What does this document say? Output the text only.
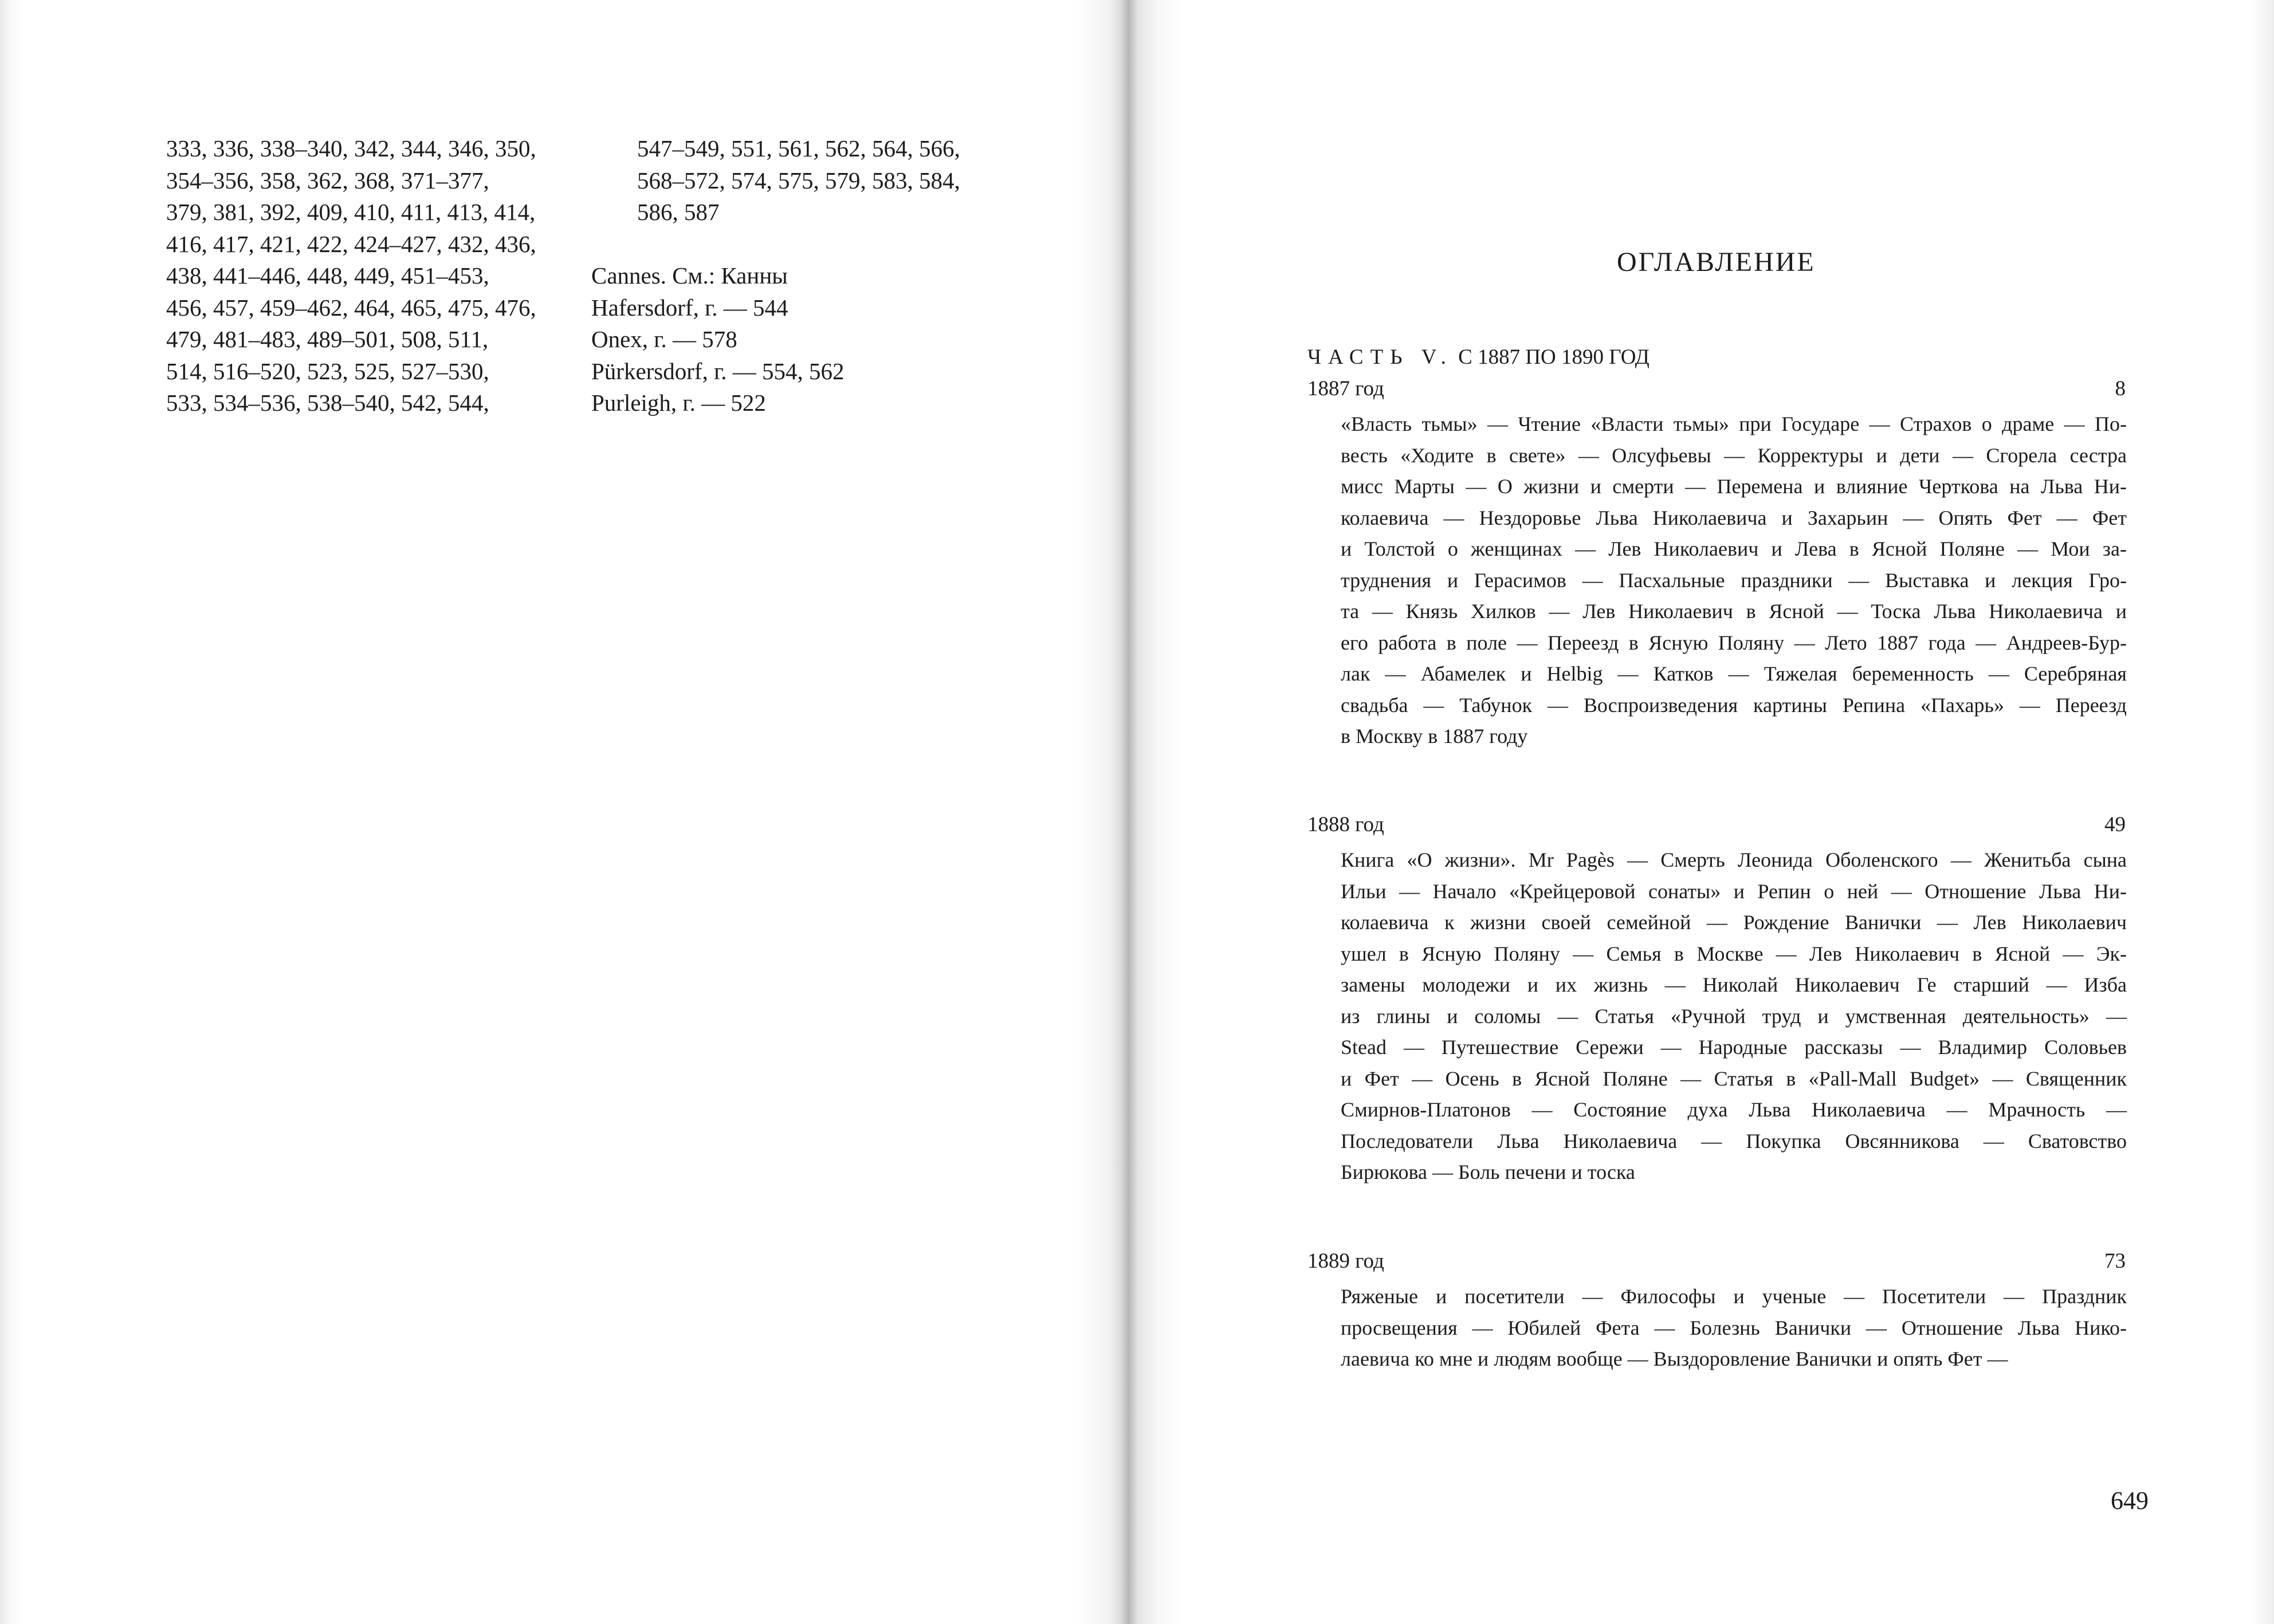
333, 336, 338–340, 342, 344, 346, 350,
354–356, 358, 362, 368, 371–377,
379, 381, 392, 409, 410, 411, 413, 414,
416, 417, 421, 422, 424–427, 432, 436,
438, 441–446, 448, 449, 451–453,
456, 457, 459–462, 464, 465, 475, 476,
479, 481–483, 489–501, 508, 511,
514, 516–520, 523, 525, 527–530,
533, 534–536, 538–540, 542, 544,
547–549, 551, 561, 562, 564, 566,
568–572, 574, 575, 579, 583, 584,
586, 587

Cannes. См.: Канны
Hafersdorf, г. — 544
Onex, г. — 578
Pürkersdorf, г. — 554, 562
Purleigh, г. — 522
ОГЛАВЛЕНИЕ
ЧАСТЬ V. С 1887 ПО 1890 ГОД
1887 год	8
«Власть тьмы» — Чтение «Власти тьмы» при Государе — Страхов о драме — По-
весть «Ходите в свете» — Олсуфьевы — Корректуры и дети — Сгорела сестра
мисс Марты — О жизни и смерти — Перемена и влияние Черткова на Льва Ни-
колаевича — Нездоровье Льва Николаевича и Захарьин — Опять Фет — Фет
и Толстой о женщинах — Лев Николаевич и Лева в Ясной Поляне — Мои за-
труднения и Герасимов — Пасхальные праздники — Выставка и лекция Гро-
та — Князь Хилков — Лев Николаевич в Ясной — Тоска Льва Николаевича и
его работа в поле — Переезд в Ясную Поляну — Лето 1887 года — Андреев-Бур-
лак — Абамелек и Helbig — Катков — Тяжелая беременность — Серебряная
свадьба — Табунок — Воспроизведения картины Репина «Пахарь» — Переезд
в Москву в 1887 году
1888 год	49
Книга «О жизни». Mr Pagès — Смерть Леонида Оболенского — Женитьба сына
Ильи — Начало «Крейцеровой сонаты» и Репин о ней — Отношение Льва Ни-
колаевича к жизни своей семейной — Рождение Ванички — Лев Николаевич
ушел в Ясную Поляну — Семья в Москве — Лев Николаевич в Ясной — Эк-
замены молодежи и их жизнь — Николай Николаевич Ге старший — Изба
из глины и соломы — Статья «Ручной труд и умственная деятельность» —
Stead — Путешествие Сережи — Народные рассказы — Владимир Соловьев
и Фет — Осень в Ясной Поляне — Статья в «Pall-Mall Budget» — Священник
Смирнов-Платонов — Состояние духа Льва Николаевича — Мрачность —
Последователи Льва Николаевича — Покупка Овсянникова — Сватовство
Бирюкова — Боль печени и тоска
1889 год	73
Ряженые и посетители — Философы и ученые — Посетители — Праздник
просвещения — Юбилей Фета — Болезнь Ванички — Отношение Льва Нико-
лаевича ко мне и людям вообще — Выздоровление Ванички и опять Фет —
649
